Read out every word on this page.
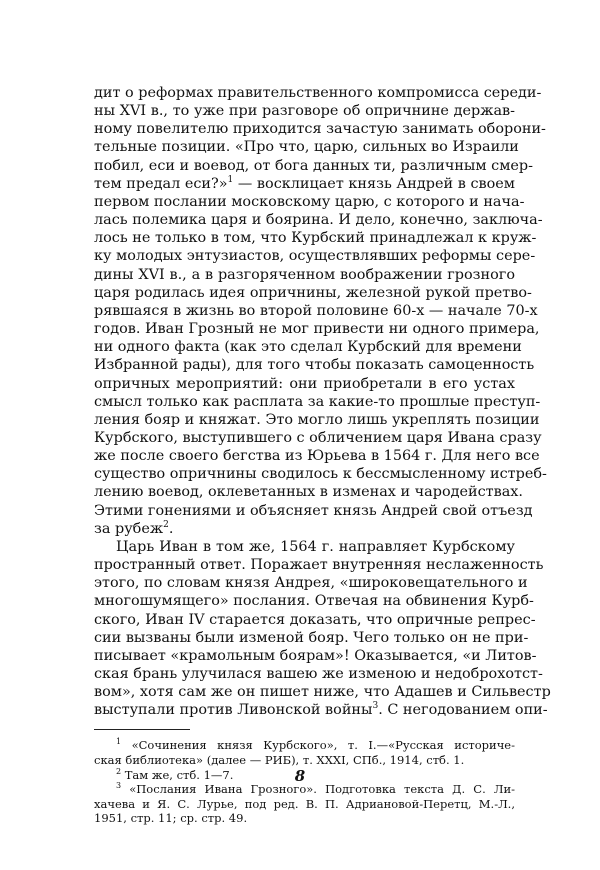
дит о реформах правительственного компромисса середи-
ны XVI в., то уже при разговоре об опричнине держав-
ному повелителю приходится зачастую занимать оборони-
тельные позиции. «Про что, царю, сильных во Израили
побил, еси и воевод, от бога данных ти, различным смер-
тем предал еси?»$^1$ — восклицает князь Андрей в своем
первом послании московскому царю, с которого и нача-
лась полемика царя и боярина. И дело, конечно, заключа-
лось не только в том, что Курбский принадлежал к круж-
ку молодых энтузиастов, осуществлявших реформы сере-
дины XVI в., а в разгоряченном воображении грозного
царя родилась идея опричнины, железной рукой претво-
рявшаяся в жизнь во второй половине 60-х — начале 70-х
годов. Иван Грозный не мог привести ни одного примера,
ни одного факта (как это сделал Курбский для времени
Избранной рады), для того чтобы показать самоценность
опричных мероприятий: они приобретали в его устах
смысл только как расплата за какие-то прошлые преступ-
ления бояр и княжат. Это могло лишь укреплять позиции
Курбского, выступившего с обличением царя Ивана сразу
же после своего бегства из Юрьева в 1564 г. Для него все
существо опричнины сводилось к бессмысленному истреб-
лению воевод, оклеветанных в изменах и чародействах.
Этими гонениями и объясняет князь Андрей свой отъезд
за рубеж$^2$.

Царь Иван в том же, 1564 г. направляет Курбскому
пространный ответ. Поражает внутренняя неслаженность
этого, по словам князя Андрея, «широковещательного и
многошумящего» послания. Отвечая на обвинения Курб-
ского, Иван IV старается доказать, что опричные репрес-
сии вызваны были изменой бояр. Чего только он не при-
писывает «крамольным боярам»! Оказывается, «и Литов-
ская брань улучилася вашею же изменою и недоброхотст-
вом», хотя сам же он пишет ниже, что Адашев и Сильвестр
выступали против Ливонской войны$^3$. С негодованием опи-

$^1$ «Сочинения князя Курбского», т. I.—«Русская историче-
ская библиотека» (далее — РИБ), т. XXXI, СПб., 1914, стб. 1.

$^2$ Там же, стб. 1—7.

$^3$ «Послания Ивана Грозного». Подготовка текста Д. С. Ли-
хачева и Я. С. Лурье, под ред. В. П. Адриановой-Перетц, М.-Л.,
1951, стр. 11; ср. стр. 49.

8
